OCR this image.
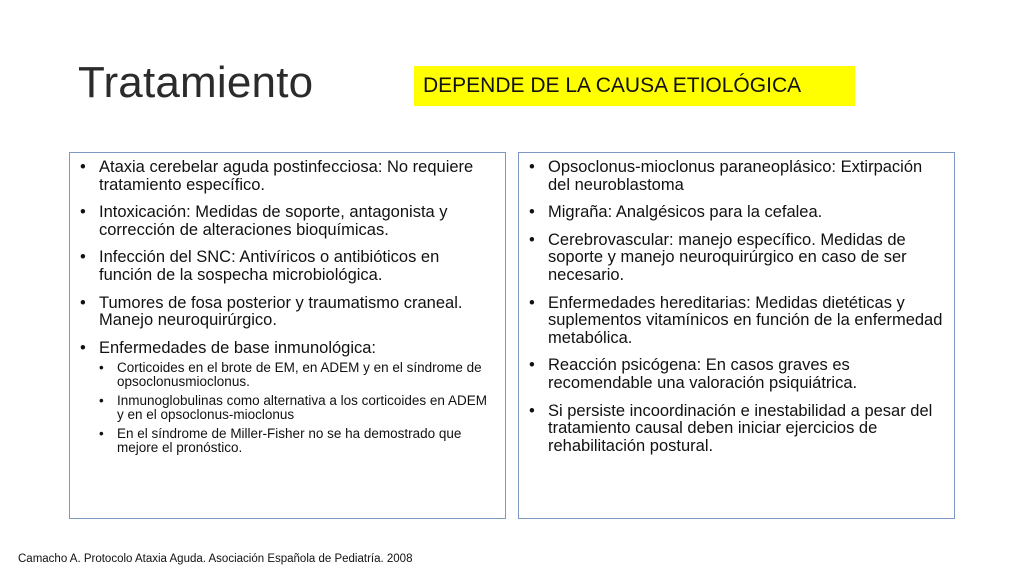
Tratamiento	DEPENDE DE LA CAUSA ETIOLÓGICA
• Ataxia cerebelar aguda postinfecciosa: No requiere tratamiento específico.
• Intoxicación: Medidas de soporte, antagonista y corrección de alteraciones bioquímicas.
• Infección del SNC: Antivíricos o antibióticos en función de la sospecha microbiológica.
• Tumores de fosa posterior y traumatismo craneal. Manejo neuroquirúrgico.
• Enfermedades de base inmunológica:
• Corticoides en el brote de EM, en ADEM y en el síndrome de opsoclonusmioclonus.
• Inmunoglobulinas como alternativa a los corticoides en ADEM y en el opsoclonus-mioclonus
• En el síndrome de Miller-Fisher no se ha demostrado que mejore el pronóstico.
• Opsoclonus-mioclonus paraneoplásico: Extirpación del neuroblastoma
• Migraña: Analgésicos para la cefalea.
• Cerebrovascular: manejo específico. Medidas de soporte y manejo neuroquirúrgico en caso de ser necesario.
• Enfermedades hereditarias: Medidas dietéticas y suplementos vitamínicos en función de la enfermedad metabólica.
• Reacción psicógena: En casos graves es recomendable una valoración psiquiátrica.
• Si persiste incoordinación e inestabilidad a pesar del tratamiento causal deben iniciar ejercicios de rehabilitación postural.
Camacho A. Protocolo Ataxia Aguda. Asociación Española de Pediatría. 2008
